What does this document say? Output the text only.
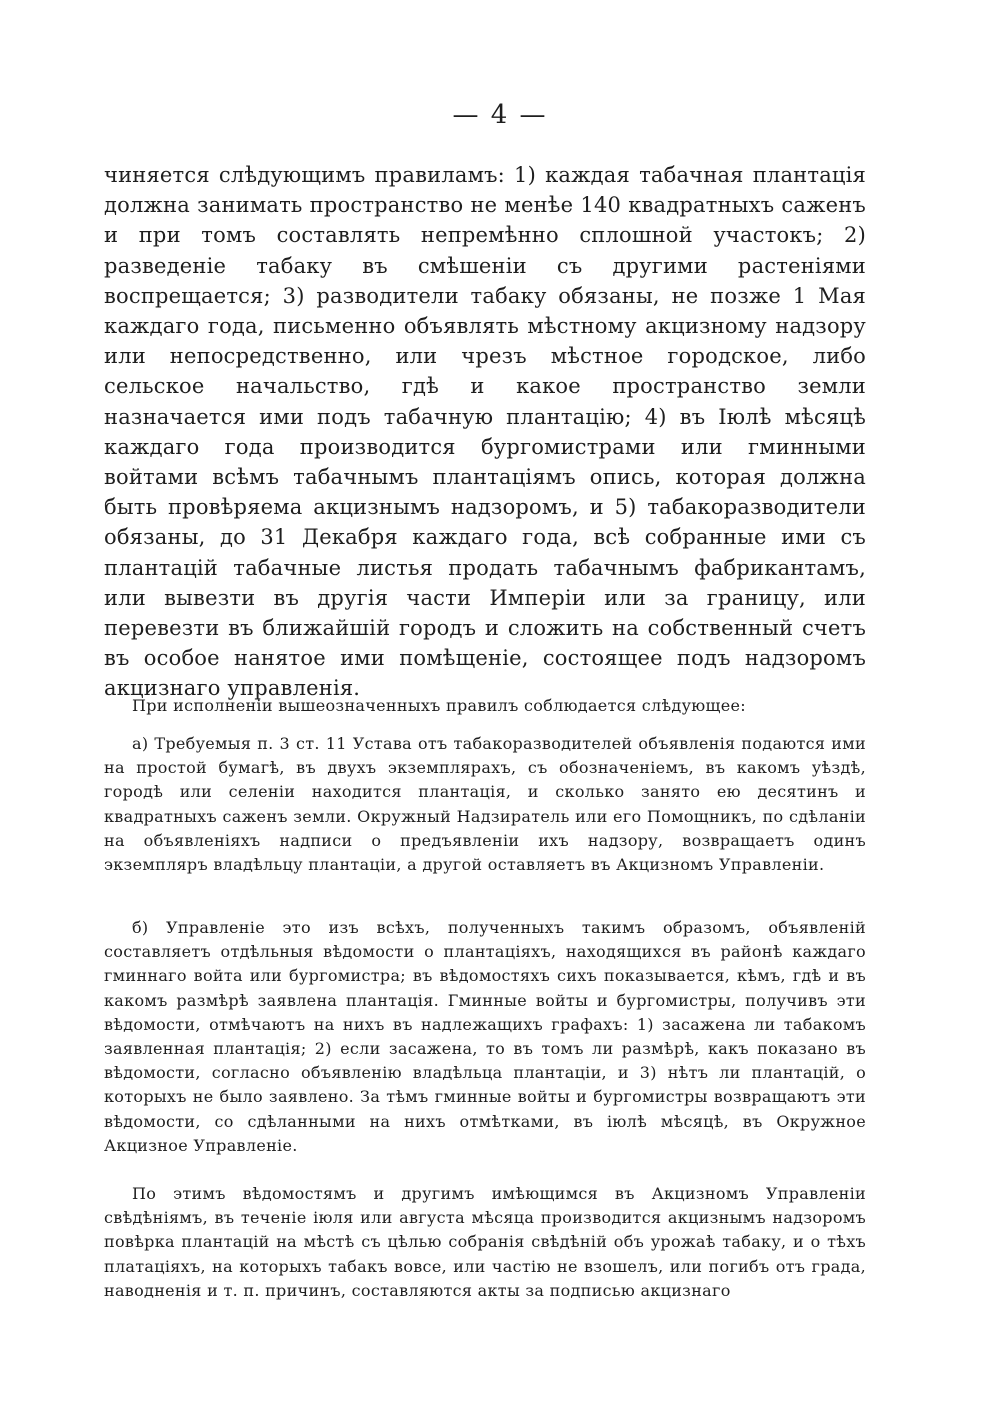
— 4 —

чиняется слѣдующимъ правиламъ: 1) каждая табачная плантація должна занимать пространство не менѣе 140 квадратныхъ саженъ и при томъ составлять непремѣнно сплошной участокъ; 2) разведеніе табаку въ смѣшеніи съ другими растеніями воспрещается; 3) разводители табаку обязаны, не позже 1 Мая каждаго года, письменно объявлять мѣстному акцизному надзору или непосредственно, или чрезъ мѣстное городское, либо сельское начальство, гдѣ и какое пространство земли назначается ими подъ табачную плантацію; 4) въ Іюлѣ мѣсяцѣ каждаго года производится бургомистрами или гминными войтами всѣмъ табачнымъ плантаціямъ опись, которая должна быть провѣряема акцизнымъ надзоромъ, и 5) табакоразводители обязаны, до 31 Декабря каждаго года, всѣ собранные ими съ плантацій табачные листья продать табачнымъ фабрикантамъ, или вывезти въ другія части Имперіи или за границу, или перевезти въ ближайшій городъ и сложить на собственный счетъ въ особое нанятое ими помѣщеніе, состоящее подъ надзоромъ акцизнаго управленія.

При исполненіи вышеозначенныхъ правилъ соблюдается слѣдующее:

а) Требуемыя п. 3 ст. 11 Устава отъ табакоразводителей объявленія подаются ими на простой бумагѣ, въ двухъ экземплярахъ, съ обозначеніемъ, въ какомъ уѣздѣ, городѣ или селеніи находится плантація, и сколько занято ею десятинъ и квадратныхъ саженъ земли. Окружный Надзиратель или его Помощникъ, по сдѣланіи на объявленіяхъ надписи о предъявленіи ихъ надзору, возвращаетъ одинъ экземпляръ владѣльцу плантаціи, а другой оставляетъ въ Акцизномъ Управленіи.

б) Управленіе это изъ всѣхъ, полученныхъ такимъ образомъ, объявленій составляетъ отдѣльныя вѣдомости о плантаціяхъ, находящихся въ районѣ каждаго гминнаго войта или бургомистра; въ вѣдомостяхъ сихъ показывается, кѣмъ, гдѣ и въ какомъ размѣрѣ заявлена плантація. Гминные войты и бургомистры, получивъ эти вѣдомости, отмѣчаютъ на нихъ въ надлежащихъ графахъ: 1) засажена ли табакомъ заявленная плантація; 2) если засажена, то въ томъ ли размѣрѣ, какъ показано въ вѣдомости, согласно объявленію владѣльца плантаціи, и 3) нѣтъ ли плантацій, о которыхъ не было заявлено. За тѣмъ гминные войты и бургомистры возвращаютъ эти вѣдомости, со сдѣланными на нихъ отмѣтками, въ іюлѣ мѣсяцѣ, въ Окружное Акцизное Управленіе.

По этимъ вѣдомостямъ и другимъ имѣющимся въ Акцизномъ Управленіи свѣдѣніямъ, въ теченіе іюля или августа мѣсяца производится акцизнымъ надзоромъ повѣрка плантацій на мѣстѣ съ цѣлью собранія свѣдѣній объ урожаѣ табаку, и о тѣхъ платаціяхъ, на которыхъ табакъ вовсе, или частію не взошелъ, или погибъ отъ града, наводненія и т. п. причинъ, составляются акты за подписью акцизнаго
